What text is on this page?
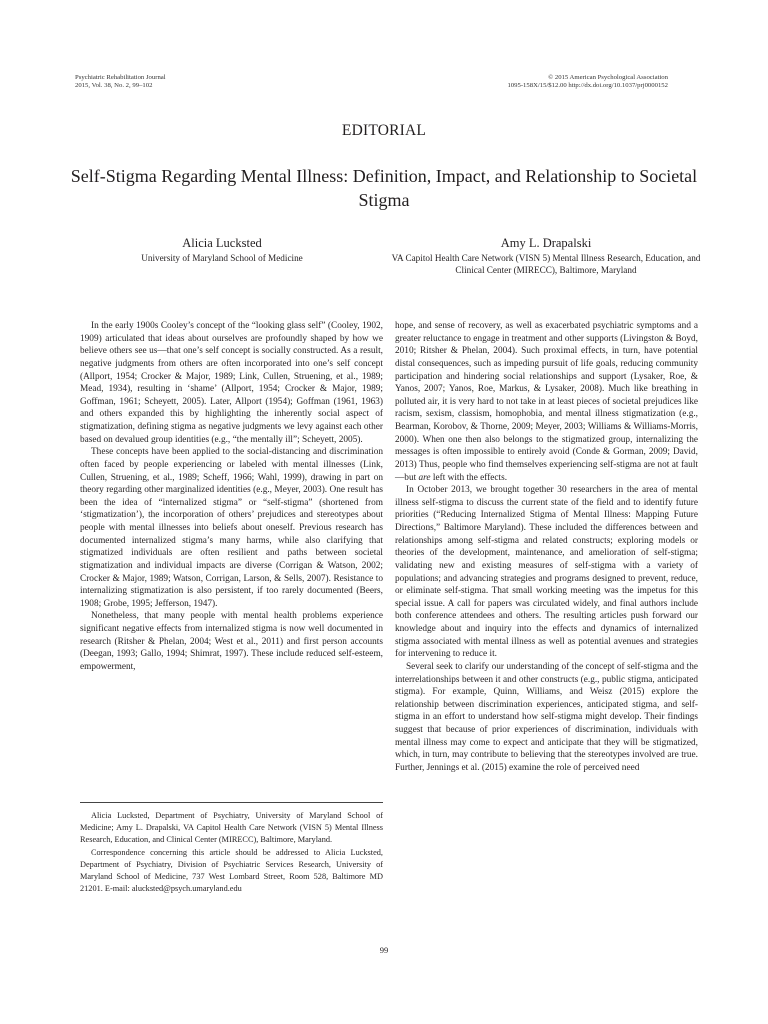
Psychiatric Rehabilitation Journal
2015, Vol. 38, No. 2, 99–102
© 2015 American Psychological Association
1095-158X/15/$12.00 http://dx.doi.org/10.1037/prj0000152
EDITORIAL
Self-Stigma Regarding Mental Illness: Definition, Impact, and Relationship to Societal Stigma
Alicia Lucksted
University of Maryland School of Medicine
Amy L. Drapalski
VA Capitol Health Care Network (VISN 5) Mental Illness Research, Education, and Clinical Center (MIRECC), Baltimore, Maryland

In the early 1900s Cooley’s concept of the “looking glass self” (Cooley, 1902, 1909) articulated that ideas about ourselves are profoundly shaped by how we believe others see us—that one’s self concept is socially constructed. As a result, negative judgments from others are often incorporated into one’s self concept (Allport, 1954; Crocker & Major, 1989; Link, Cullen, Struening, et al., 1989; Mead, 1934), resulting in ‘shame’ (Allport, 1954; Crocker & Major, 1989; Goffman, 1961; Scheyett, 2005). Later, Allport (1954); Goffman (1961, 1963) and others expanded this by highlighting the inherently social aspect of stigmatization, defining stigma as negative judgments we levy against each other based on devalued group identities (e.g., “the mentally ill”; Scheyett, 2005).

These concepts have been applied to the social-distancing and discrimination often faced by people experiencing or labeled with mental illnesses (Link, Cullen, Struening, et al., 1989; Scheff, 1966; Wahl, 1999), drawing in part on theory regarding other marginalized identities (e.g., Meyer, 2003). One result has been the idea of “internalized stigma” or “self-stigma” (shortened from ‘stigmatization’), the incorporation of others’ prejudices and stereotypes about people with mental illnesses into beliefs about oneself. Previous research has documented internalized stigma’s many harms, while also clarifying that stigmatized individuals are often resilient and paths between societal stigmatization and individual impacts are diverse (Corrigan & Watson, 2002; Crocker & Major, 1989; Watson, Corrigan, Larson, & Sells, 2007). Resistance to internalizing stigmatization is also persistent, if too rarely documented (Beers, 1908; Grobe, 1995; Jefferson, 1947).

Nonetheless, that many people with mental health problems experience significant negative effects from internalized stigma is now well documented in research (Ritsher & Phelan, 2004; West et al., 2011) and first person accounts (Deegan, 1993; Gallo, 1994; Shimrat, 1997). These include reduced self-esteem, empowerment,

hope, and sense of recovery, as well as exacerbated psychiatric symptoms and a greater reluctance to engage in treatment and other supports (Livingston & Boyd, 2010; Ritsher & Phelan, 2004). Such proximal effects, in turn, have potential distal consequences, such as impeding pursuit of life goals, reducing community participation and hindering social relationships and support (Lysaker, Roe, & Yanos, 2007; Yanos, Roe, Markus, & Lysaker, 2008). Much like breathing in polluted air, it is very hard to not take in at least pieces of societal prejudices like racism, sexism, classism, homophobia, and mental illness stigmatization (e.g., Bearman, Korobov, & Thorne, 2009; Meyer, 2003; Williams & Williams-Morris, 2000). When one then also belongs to the stigmatized group, internalizing the messages is often impossible to entirely avoid (Conde & Gorman, 2009; David, 2013) Thus, people who find themselves experiencing self-stigma are not at fault—but are left with the effects.

In October 2013, we brought together 30 researchers in the area of mental illness self-stigma to discuss the current state of the field and to identify future priorities (“Reducing Internalized Stigma of Mental Illness: Mapping Future Directions,” Baltimore Maryland). These included the differences between and relationships among self-stigma and related constructs; exploring models or theories of the development, maintenance, and amelioration of self-stigma; validating new and existing measures of self-stigma with a variety of populations; and advancing strategies and programs designed to prevent, reduce, or eliminate self-stigma. That small working meeting was the impetus for this special issue. A call for papers was circulated widely, and final authors include both conference attendees and others. The resulting articles push forward our knowledge about and inquiry into the effects and dynamics of internalized stigma associated with mental illness as well as potential avenues and strategies for intervening to reduce it.

Several seek to clarify our understanding of the concept of self-stigma and the interrelationships between it and other constructs (e.g., public stigma, anticipated stigma). For example, Quinn, Williams, and Weisz (2015) explore the relationship between discrimination experiences, anticipated stigma, and self-stigma in an effort to understand how self-stigma might develop. Their findings suggest that because of prior experiences of discrimination, individuals with mental illness may come to expect and anticipate that they will be stigmatized, which, in turn, may contribute to believing that the stereotypes involved are true. Further, Jennings et al. (2015) examine the role of perceived need

Alicia Lucksted, Department of Psychiatry, University of Maryland School of Medicine; Amy L. Drapalski, VA Capitol Health Care Network (VISN 5) Mental Illness Research, Education, and Clinical Center (MIRECC), Baltimore, Maryland.

Correspondence concerning this article should be addressed to Alicia Lucksted, Department of Psychiatry, Division of Psychiatric Services Research, University of Maryland School of Medicine, 737 West Lombard Street, Room 528, Baltimore MD 21201. E-mail: alucksted@psych.umaryland.edu

99
